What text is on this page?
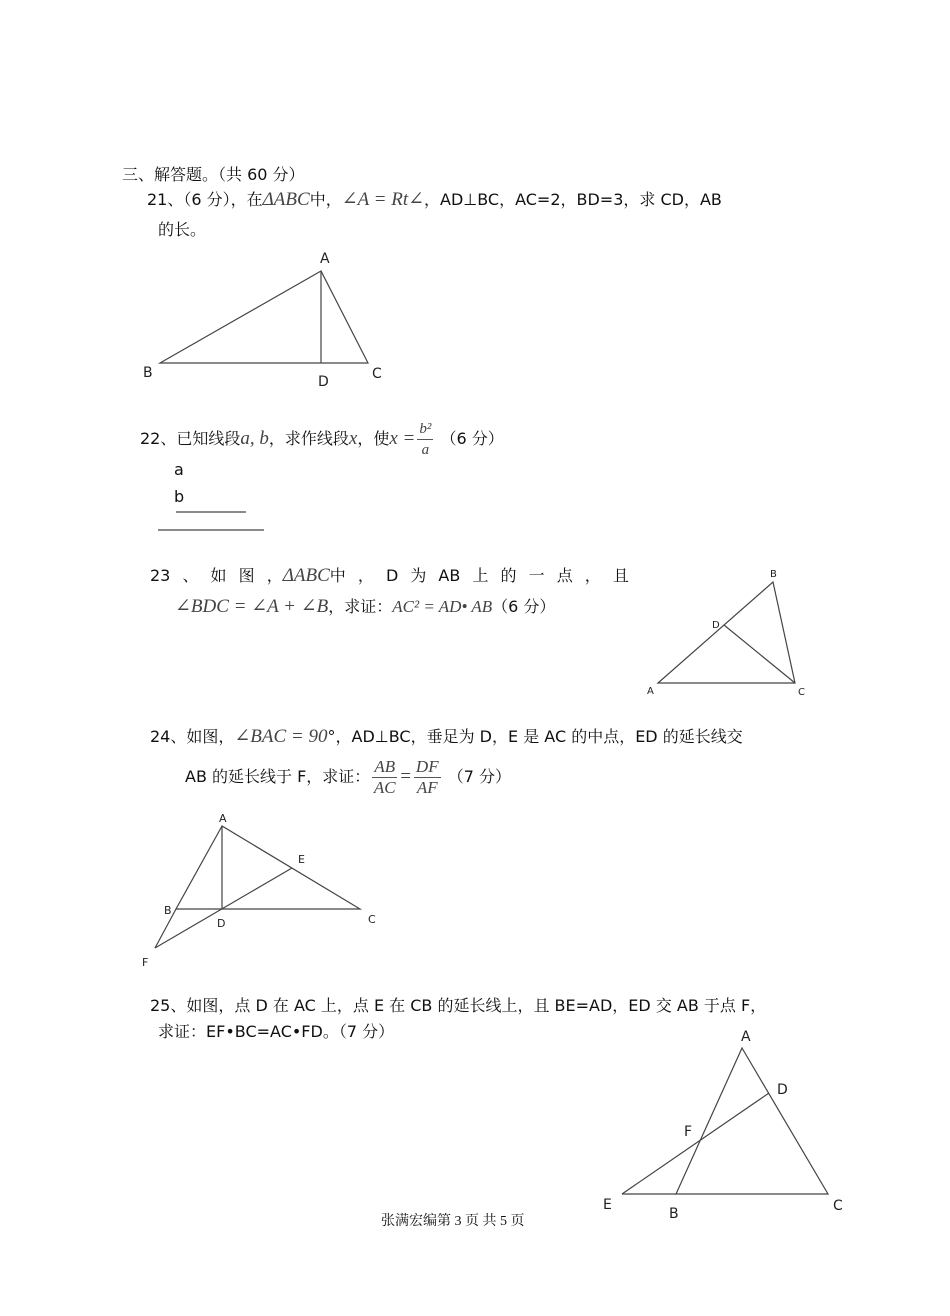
三、解答题。（共 60 分）
21、（6 分），在ΔABC中，∠A = Rt∠，AD⊥BC，AC=2，BD=3，求 CD，AB
的长。
22、已知线段a, b，求作线段x，使$x = \frac{\text{b²}}{a} (6$ 分）
a
b
23 、 如 图 ，ΔABC中 ， D 为 AB 上 的 一 点 ， 且
∠BDC = ∠A + ∠B，求证：AC² = AD• AB（6 分）
24、如图，∠BAC = 90°，AD⊥BC，垂足为 D，E 是 AC 的中点，ED 的延长线交
AB 的延长线于 F，求证： $\frac{AB}{AC} = \frac{DF}{AF} (7$ 分）
25、如图，点 D 在 AC 上，点 E 在 CB 的延长线上，且 BE=AD，ED 交 AB 于点 F，
求证：EF•BC=AC•FD。（7 分）
张满宏编第 3 页 共 5 页
A
B
D	C
B
D
A	C
A
E
B
D	C
F
A
D
F
E
B	C
